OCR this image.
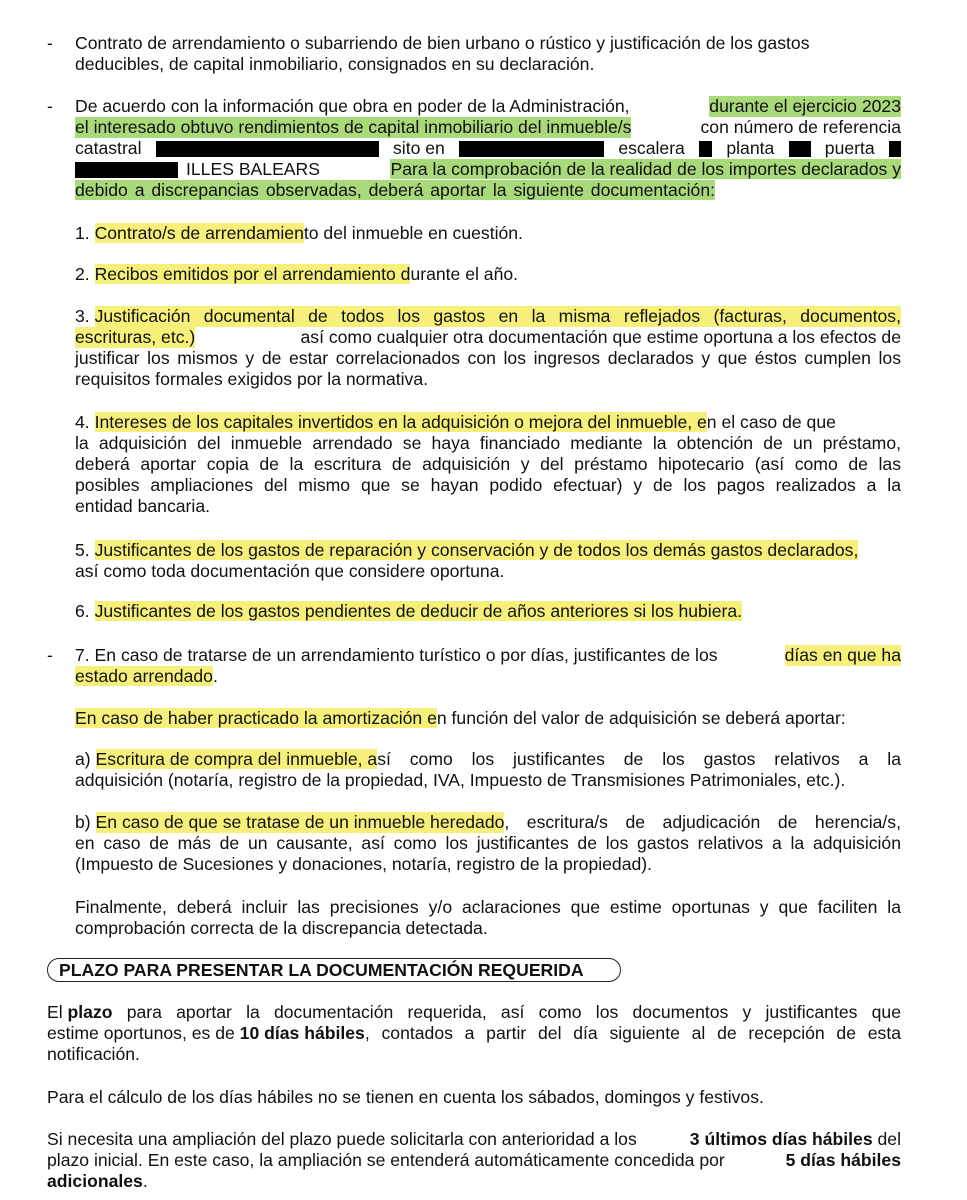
- Contrato de arrendamiento o subarriendo de bien urbano o rústico y justificación de los gastos
deducibles, de capital inmobiliario, consignados en su declaración.

- De acuerdo con la información que obra en poder de la Administración,	durante el ejercicio 2023
el interesado obtuvo rendimientos de capital inmobiliario del inmueble/s	con número de referencia
catastral	sito en	escalera planta	puerta
ILLES BALEARS	Para la comprobación de la realidad de los importes declarados y
debido a discrepancias observadas, deberá aportar la siguiente documentación:

1. Contrato/s de arrendamiento del inmueble en cuestión.

2. Recibos emitidos por el arrendamiento durante el año.

3. Justificación documental de todos los gastos en la misma reflejados (facturas, documentos,
escrituras, etc.)	así como cualquier otra documentación que estime oportuna a los efectos de
justificar los mismos y de estar correlacionados con los ingresos declarados y que éstos cumplen los
requisitos formales exigidos por la normativa.
4. Intereses de los capitales invertidos en la adquisición o mejora del inmueble, en el caso de que
la adquisición del inmueble arrendado se haya financiado mediante la obtención de un préstamo,
deberá aportar copia de la escritura de adquisición y del préstamo hipotecario (así como de las
posibles ampliaciones del mismo que se hayan podido efectuar) y de los pagos realizados a la
entidad bancaria.
5. Justificantes de los gastos de reparación y conservación y de todos los demás gastos declarados,
así como toda documentación que considere oportuna.

6. Justificantes de los gastos pendientes de deducir de años anteriores si los hubiera.

- 7. En caso de tratarse de un arrendamiento turístico o por días, justificantes de los	días en que ha
estado arrendado.

En caso de haber practicado la amortización en función del valor de adquisición se deberá aportar:

a) Escritura de compra del inmueble, a sí como los justificantes de los gastos relativos a la
adquisición (notaría, registro de la propiedad, IVA, Impuesto de Transmisiones Patrimoniales, etc.).
b) En caso de que se tratase de un inmueble heredado , escritura/s de adjudicación de herencia/s,
en caso de más de un causante, así como los justificantes de los gastos relativos a la adquisición
(Impuesto de Sucesiones y donaciones, notaría, registro de la propiedad).
Finalmente, deberá incluir las precisiones y/o aclaraciones que estime oportunas y que faciliten la
comprobación correcta de la discrepancia detectada.
PLAZO PARA PRESENTAR LA DOCUMENTACIÓN REQUERIDA
El plazo para aportar la documentación requerida, así como los documentos y justificantes que
estime oportunos, es de 10 días hábiles , contados a partir del día siguiente al de recepción de esta
notificación.

Para el cálculo de los días hábiles no se tienen en cuenta los sábados, domingos y festivos.

Si necesita una ampliación del plazo puede solicitarla con anterioridad a los	3 últimos días hábiles del
plazo inicial. En este caso, la ampliación se entenderá automáticamente concedida por	5 días hábiles
adicionales.
